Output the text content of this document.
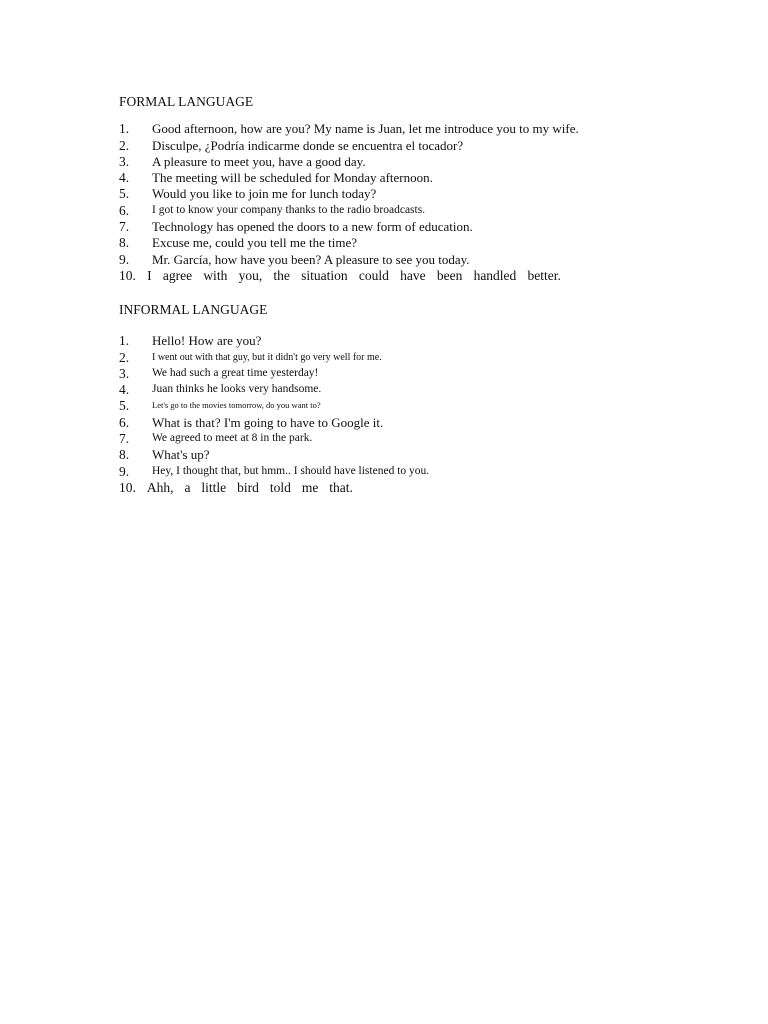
FORMAL LANGUAGE
1. Good afternoon, how are you? My name is Juan, let me introduce you to my wife.
2. Disculpe, ¿Podría indicarme donde se encuentra el tocador?
3. A pleasure to meet you, have a good day.
4. The meeting will be scheduled for Monday afternoon.
5. Would you like to join me for lunch today?
6. I got to know your company thanks to the radio broadcasts.
7. Technology has opened the doors to a new form of education.
8. Excuse me, could you tell me the time?
9. Mr. García, how have you been? A pleasure to see you today.
10. I agree with you, the situation could have been handled better.
INFORMAL LANGUAGE
1. Hello! How are you?
2. I went out with that guy, but it didn't go very well for me.
3. We had such a great time yesterday!
4. Juan thinks he looks very handsome.
5.	Let's go to the movies tomorrow, do you want to?
6. What is that? I'm going to have to Google it.
7. We agreed to meet at 8 in the park.
8. What's up?
9. Hey, I thought that, but hmm.. I should have listened to you.
10. Ahh, a little bird told me that.
